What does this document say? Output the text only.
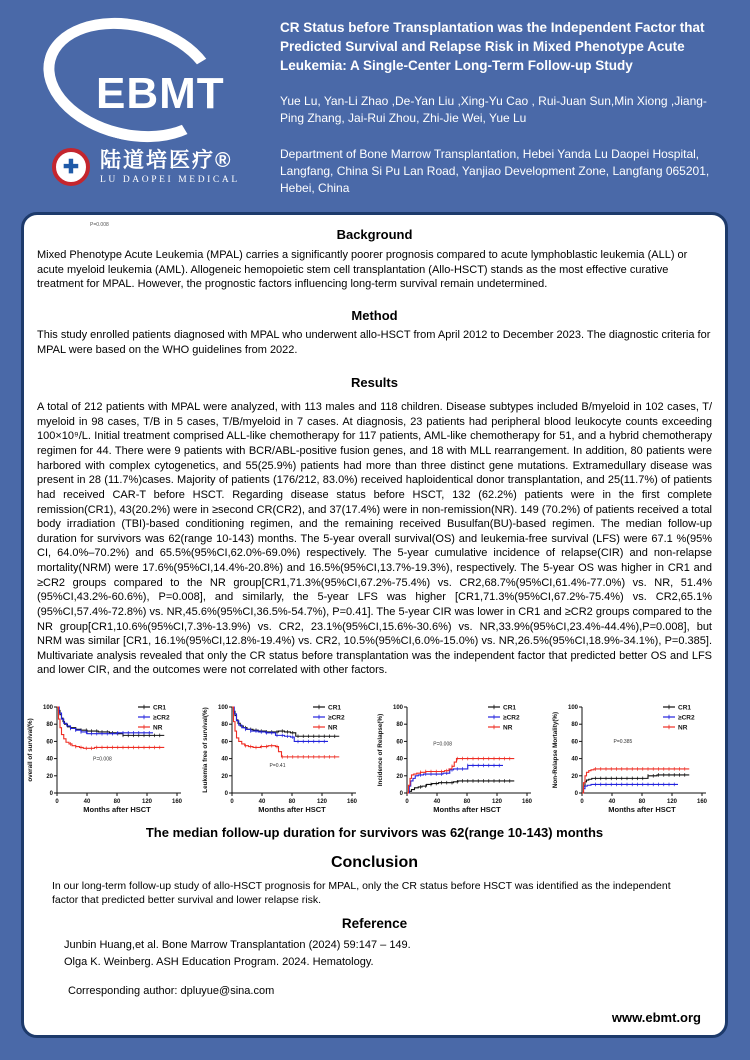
EBMT
✚ 陆道培医疗®
LU DAOPEI MEDICAL
CR Status before Transplantation was the Independent Factor that Predicted Survival and Relapse Risk in Mixed Phenotype Acute Leukemia: A Single-Center Long-Term Follow-up Study
Yue Lu, Yan-Li Zhao ,De-Yan Liu ,Xing-Yu Cao , Rui-Juan Sun,Min Xiong ,Jiang-Ping Zhang, Jai-Rui Zhou, Zhi-Jie Wei, Yue Lu
Department of Bone Marrow Transplantation, Hebei Yanda Lu Daopei Hospital, Langfang, China Si Pu Lan Road, Yanjiao Development Zone, Langfang 065201, Hebei, China
P=0.008
Background
Mixed Phenotype Acute Leukemia (MPAL) carries a significantly poorer prognosis compared to acute lymphoblastic leukemia (ALL) or acute myeloid leukemia (AML). Allogeneic hemopoietic stem cell transplantation (Allo-HSCT) stands as the most effective curative treatment for MPAL. However, the prognostic factors influencing long-term survival remain undetermined.
Method
This study enrolled patients diagnosed with MPAL who underwent allo-HSCT from April 2012 to December 2023. The diagnostic criteria for MPAL were based on the WHO guidelines from 2022.
Results
A total of 212 patients with MPAL were analyzed, with 113 males and 118 children. Disease subtypes included B/myeloid in 102 cases, T/ myeloid in 98 cases, T/B in 5 cases, T/B/myeloid in 7 cases. At diagnosis, 23 patients had peripheral blood leukocyte counts exceeding 100×10⁹/L. Initial treatment comprised ALL-like chemotherapy for 117 patients, AML-like chemotherapy for 51, and a hybrid chemotherapy regimen for 44. There were 9 patients with BCR/ABL-positive fusion genes, and 18 with MLL rearrangement. In addition, 80 patients were harbored with complex cytogenetics, and 55(25.9%) patients had more than three distinct gene mutations. Extramedullary disease was present in 28 (11.7%)cases. Majority of patients (176/212, 83.0%) received haploidentical donor transplantation, and 25(11.7%) of patients had received CAR-T before HSCT. Regarding disease status before HSCT, 132 (62.2%) patients were in the first complete remission(CR1), 43(20.2%) were in ≥second CR(CR2), and 37(17.4%) were in non-remission(NR). 149 (70.2%) of patients received a total body irradiation (TBI)-based conditioning regimen, and the remaining received Busulfan(BU)-based regimen. The median follow-up duration for survivors was 62(range 10-143) months. The 5-year overall survival(OS) and leukemia-free survival (LFS) were 67.1 %(95% CI, 64.0%–70.2%) and 65.5%(95%CI,62.0%-69.0%) respectively. The 5-year cumulative incidence of relapse(CIR) and non-relapse mortality(NRM) were 17.6%(95%CI,14.4%-20.8%) and 16.5%(95%CI,13.7%-19.3%), respectively. The 5-year OS was higher in CR1 and ≥CR2 groups compared to the NR group[CR1,71.3%(95%CI,67.2%-75.4%) vs. CR2,68.7%(95%CI,61.4%-77.0%) vs. NR, 51.4%(95%CI,43.2%-60.6%), P=0.008], and similarly, the 5-year LFS was higher [CR1,71.3%(95%CI,67.2%-75.4%) vs. CR2,65.1%(95%CI,57.4%-72.8%) vs. NR,45.6%(95%CI,36.5%-54.7%), P=0.41]. The 5-year CIR was lower in CR1 and ≥CR2 groups compared to the NR group[CR1,10.6%(95%CI,7.3%-13.9%) vs. CR2, 23.1%(95%CI,15.6%-30.6%) vs. NR,33.9%(95%CI,23.4%-44.4%),P=0.008], but NRM was similar [CR1, 16.1%(95%CI,12.8%-19.4%) vs. CR2, 10.5%(95%CI,6.0%-15.0%) vs. NR,26.5%(95%CI,18.9%-34.1%), P=0.385]. Multivariate analysis revealed that only the CR status before transplantation was the independent factor that predicted better OS and LFS and lower CIR, and the outcomes were not correlated with other factors.
0
20
40
60
80
100
0	40	80	120	160
Months after HSCT
overall of survival(%)	P=0.008
CR1
≥CR2
NR
0
20
40
60
80
100
0	40	80	120	160
Months after HSCT
Leukemia free of survival(%)	P=0.41
CR1
≥CR2
NR
0
20
40
60
80
100
0	40	80	120	160
Months after HSCT
Incidence of Relapse(%)	P=0.008
CR1
≥CR2
NR
0
20
40
60
80
100
0	40	80	120	160
Months after HSCT
Non-Relapse Mortality(%)	P=0.385
CR1
≥CR2
NR
The median follow-up duration for survivors was 62(range 10-143) months
Conclusion
In our long-term follow-up study of allo-HSCT prognosis for MPAL, only the CR status before HSCT was identified as the independent factor that predicted better survival and lower relapse risk.
Reference
Junbin Huang,et al. Bone Marrow Transplantation (2024) 59:147 – 149.
Olga K. Weinberg. ASH Education Program. 2024. Hematology.
Corresponding author: dpluyue@sina.com
www.ebmt.org
